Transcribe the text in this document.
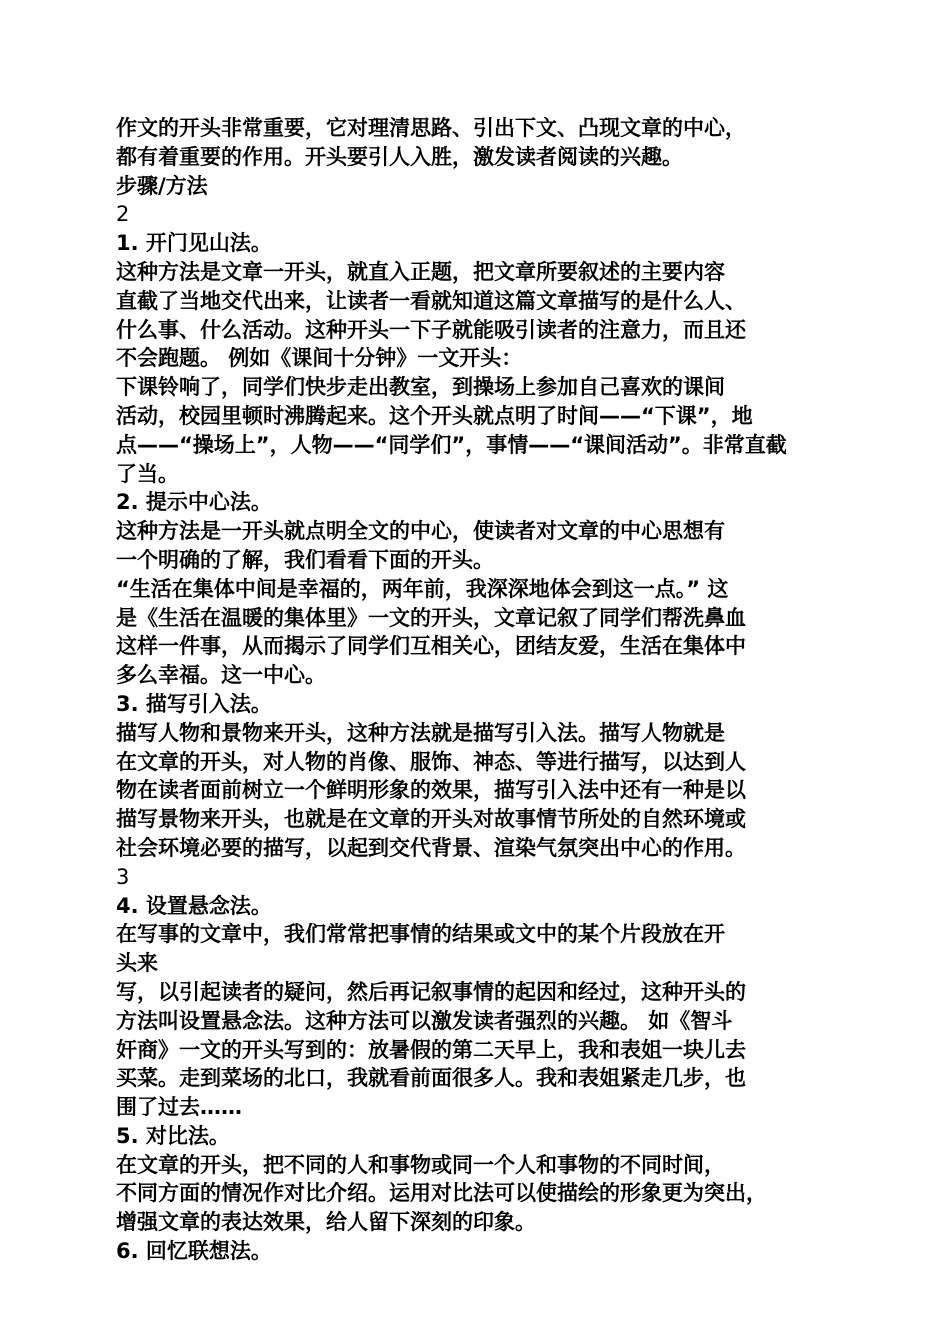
作文的开头非常重要，它对理清思路、引出下文、凸现文章的中心，
都有着重要的作用。开头要引人入胜，激发读者阅读的兴趣。
步骤/方法
2
1. 开门见山法。
这种方法是文章一开头，就直入正题，把文章所要叙述的主要内容
直截了当地交代出来，让读者一看就知道这篇文章描写的是什么人、
什么事、什么活动。这种开头一下子就能吸引读者的注意力，而且还
不会跑题。 例如《课间十分钟》一文开头：
下课铃响了，同学们快步走出教室，到操场上参加自己喜欢的课间
活动，校园里顿时沸腾起来。这个开头就点明了时间——“下课”，地
点——“操场上”，人物——“同学们”，事情——“课间活动”。非常直截
了当。
2. 提示中心法。
这种方法是一开头就点明全文的中心，使读者对文章的中心思想有
一个明确的了解，我们看看下面的开头。
“生活在集体中间是幸福的，两年前，我深深地体会到这一点。” 这
是《生活在温暖的集体里》一文的开头，文章记叙了同学们帮洗鼻血
这样一件事，从而揭示了同学们互相关心，团结友爱，生活在集体中
多么幸福。这一中心。
3. 描写引入法。
描写人物和景物来开头，这种方法就是描写引入法。描写人物就是
在文章的开头，对人物的肖像、服饰、神态、等进行描写，以达到人
物在读者面前树立一个鲜明形象的效果，描写引入法中还有一种是以
描写景物来开头，也就是在文章的开头对故事情节所处的自然环境或
社会环境必要的描写，以起到交代背景、渲染气氛突出中心的作用。
3
4. 设置悬念法。
在写事的文章中，我们常常把事情的结果或文中的某个片段放在开
头来
写，以引起读者的疑问，然后再记叙事情的起因和经过，这种开头的
方法叫设置悬念法。这种方法可以激发读者强烈的兴趣。 如《智斗
奸商》一文的开头写到的：放暑假的第二天早上，我和表姐一块儿去
买菜。走到菜场的北口，我就看前面很多人。我和表姐紧走几步，也
围了过去……
5. 对比法。
在文章的开头，把不同的人和事物或同一个人和事物的不同时间，
不同方面的情况作对比介绍。运用对比法可以使描绘的形象更为突出，
增强文章的表达效果，给人留下深刻的印象。
6. 回忆联想法。
